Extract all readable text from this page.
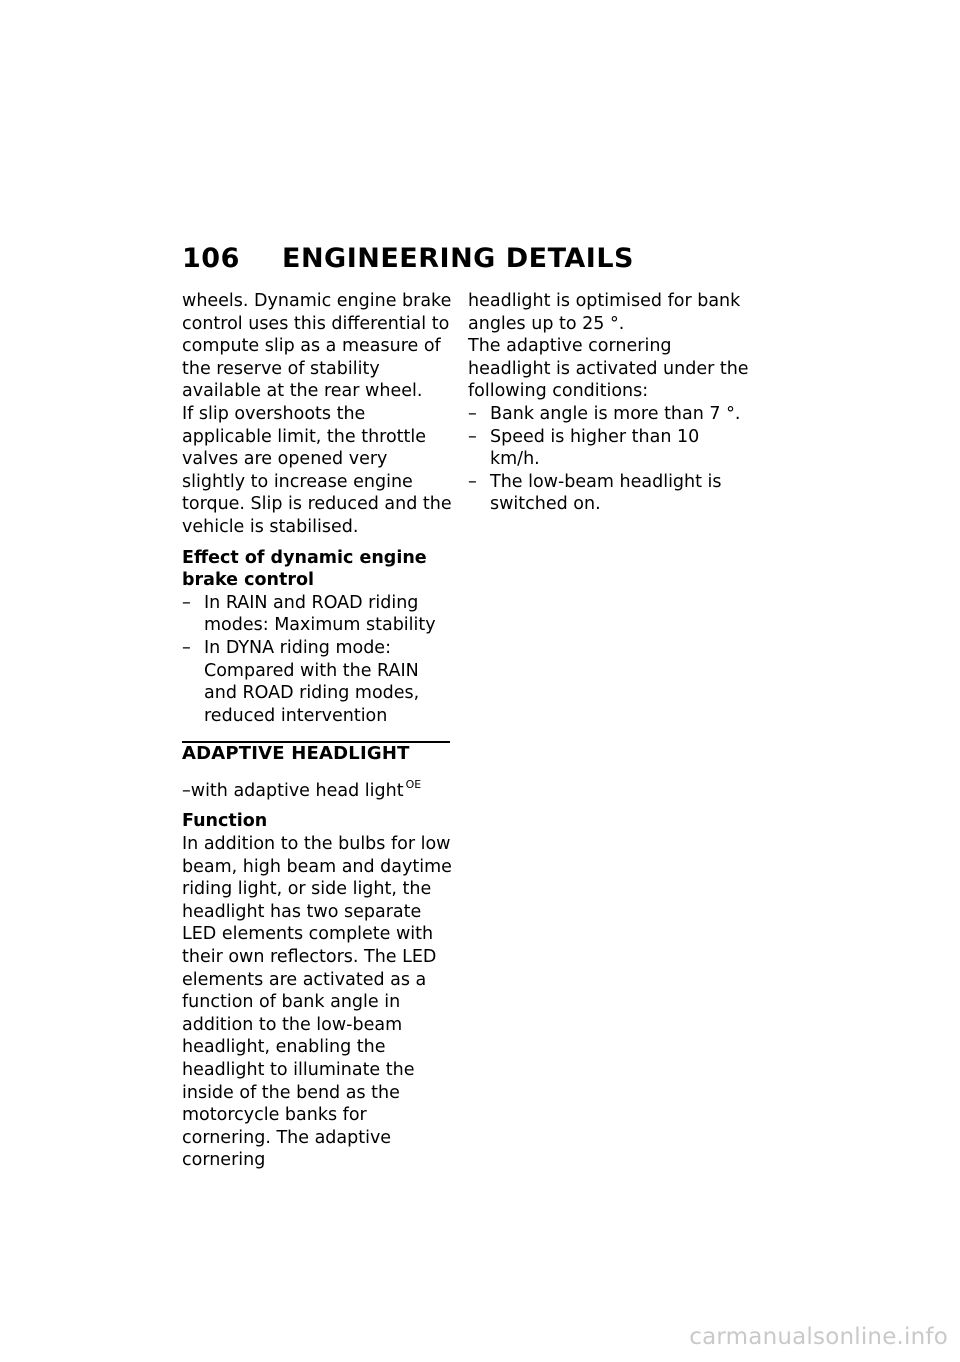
106	ENGINEERING DETAILS

wheels. Dynamic engine brake control uses this differential to compute slip as a measure of the reserve of stability available at the rear wheel.

If slip overshoots the applicable limit, the throttle valves are opened very slightly to increase engine torque. Slip is reduced and the vehicle is stabilised.

Effect of dynamic engine brake control

– In RAIN and ROAD riding modes: Maximum stability
– In DYNA riding mode: Compared with the RAIN and ROAD riding modes, reduced intervention

ADAPTIVE HEADLIGHT

–with adaptive head light $^{OE}$

Function

In addition to the bulbs for low beam, high beam and daytime riding light, or side light, the headlight has two separate LED elements complete with their own reflectors. The LED elements are activated as a function of bank angle in addition to the low-beam headlight, enabling the headlight to illuminate the inside of the bend as the motorcycle banks for cornering. The adaptive cornering

headlight is optimised for bank angles up to 25 °.

The adaptive cornering headlight is activated under the following conditions:

– Bank angle is more than 7 °.
– Speed is higher than 10 km/h.
– The low-beam headlight is switched on.
carmanualsonline.info
